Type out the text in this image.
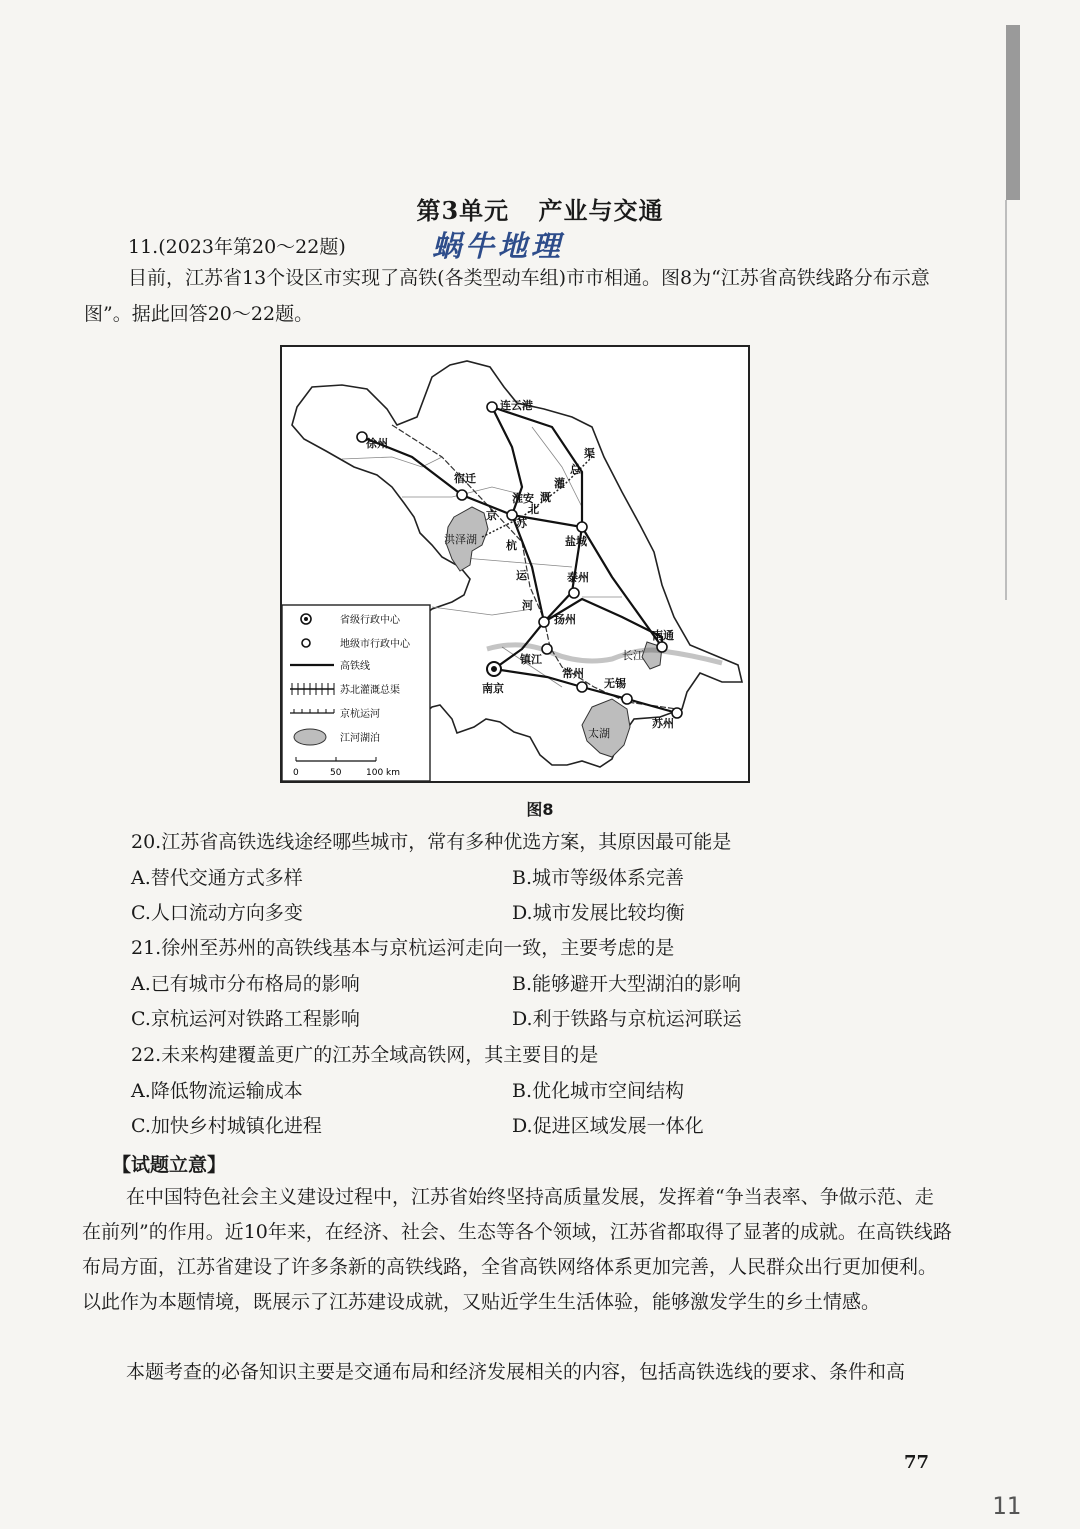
第3单元 产业与交通
11.(2023年第20～22题)	蜗牛地理
目前，江苏省13个设区市实现了高铁(各类型动车组)市市相通。图8为“江苏省高铁线路分布示意图”。据此回答20～22题。
徐州
连云港
宿迁
淮安
盐城
泰州
扬州
镇江
南京
常州
无锡
南通
苏州
洪泽湖
太湖
长江
京
杭
运
河
总
渠
灌
溉
北
苏
省级行政中心
地级市行政中心
高铁线
苏北灌溉总渠
京杭运河
江河湖泊
0	50	100 km
图8
20.江苏省高铁选线途经哪些城市，常有多种优选方案，其原因最可能是
A.替代交通方式多样	B.城市等级体系完善
C.人口流动方向多变	D.城市发展比较均衡
21.徐州至苏州的高铁线基本与京杭运河走向一致，主要考虑的是
A.已有城市分布格局的影响	B.能够避开大型湖泊的影响
C.京杭运河对铁路工程影响	D.利于铁路与京杭运河联运
22.未来构建覆盖更广的江苏全域高铁网，其主要目的是
A.降低物流运输成本	B.优化城市空间结构
C.加快乡村城镇化进程	D.促进区域发展一体化
【试题立意】
在中国特色社会主义建设过程中，江苏省始终坚持高质量发展，发挥着“争当表率、争做示范、走在前列”的作用。近10年来，在经济、社会、生态等各个领域，江苏省都取得了显著的成就。在高铁线路布局方面，江苏省建设了许多条新的高铁线路，全省高铁网络体系更加完善，人民群众出行更加便利。以此作为本题情境，既展示了江苏建设成就，又贴近学生生活体验，能够激发学生的乡土情感。
本题考查的必备知识主要是交通布局和经济发展相关的内容，包括高铁选线的要求、条件和高
77
11
